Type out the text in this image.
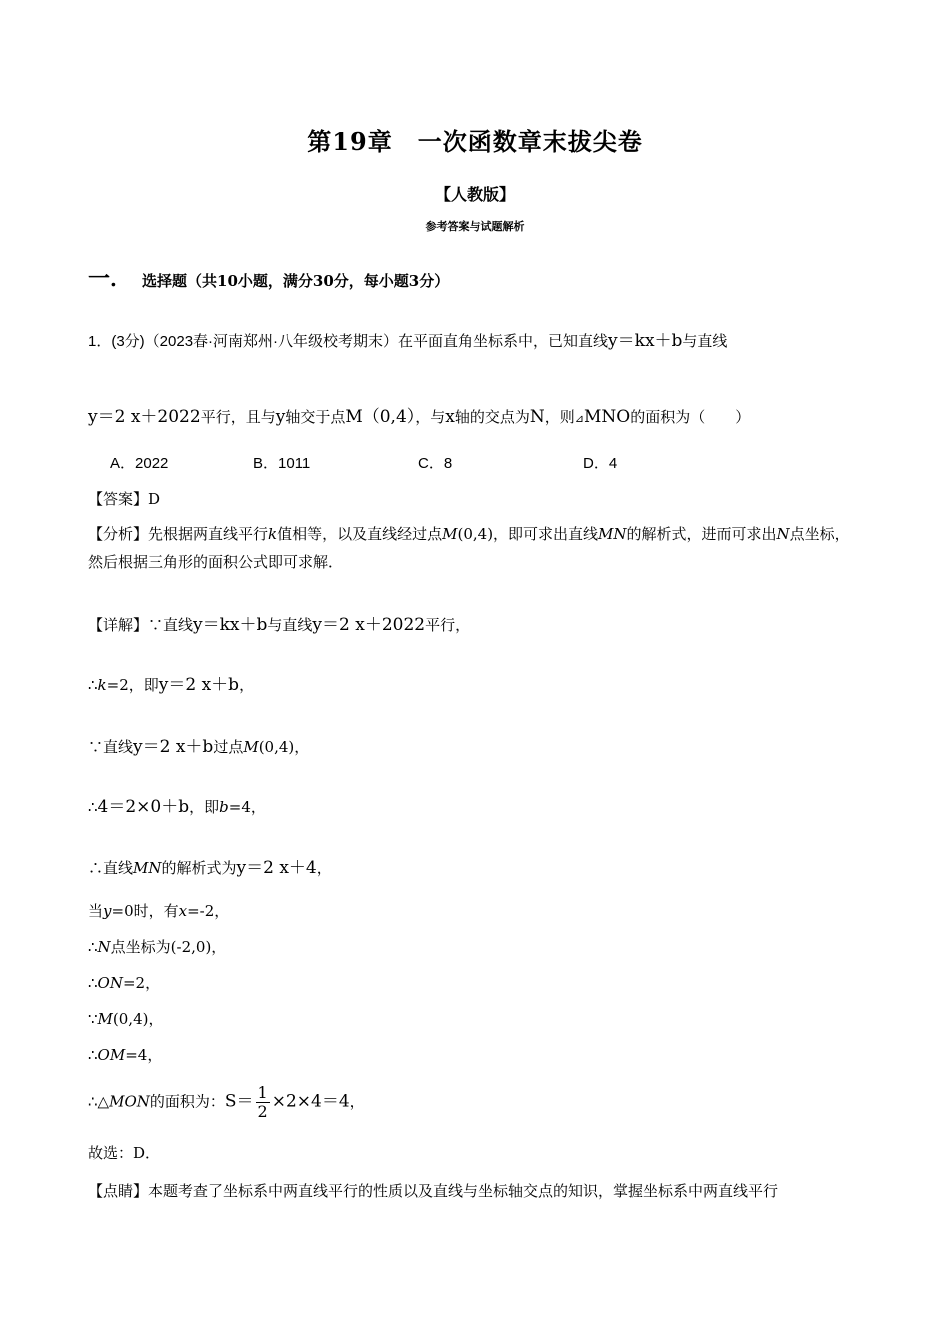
第19章　一次函数章末拔尖卷
【人教版】
参考答案与试题解析
一． 选择题（共10小题，满分30分，每小题3分）
1．(3分)（2023春·河南郑州·八年级校考期末）在平面直角坐标系中，已知直线y＝kx＋b与直线
y＝2 x＋2022平行，且与y轴交于点M（0,4），与x轴的交点为N，则⊿MNO的面积为（　　）
A．2022	B．1011	C．8	D．4
【答案】D
【分析】先根据两直线平行k值相等，以及直线经过点M(0,4)，即可求出直线MN的解析式，进而可求出N点坐标，然后根据三角形的面积公式即可求解．
【详解】∵直线y＝kx＋b与直线y＝2 x＋2022平行，
∴k=2，即y＝2 x＋b，
∵直线y＝2 x＋b过点M(0,4)，
∴4＝2×0＋b，即b=4，
∴直线MN的解析式为y＝2 x＋4，
当y=0时，有x=-2，
∴N点坐标为(-2,0)，
∴ON=2，
∵M(0,4)，
∴OM=4，
∴△MON的面积为：$S= \frac{1}{2} \times 2\times 4=4$，
故选：D．
【点睛】本题考查了坐标系中两直线平行的性质以及直线与坐标轴交点的知识，掌握坐标系中两直线平行
